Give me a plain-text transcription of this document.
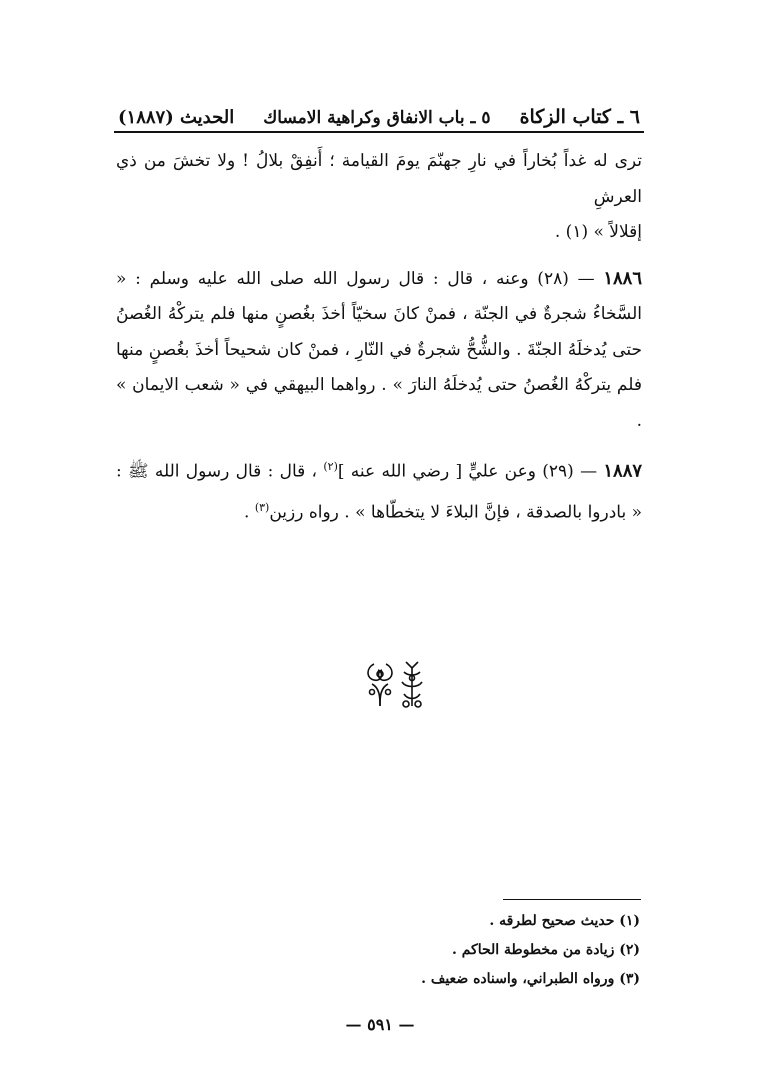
٦ ـ كتاب الزكاة
٥ ـ باب الانفاق وكراهية الامساك
الحديث (١٨٨٧)

ترى له غداً بُخاراً في نارِ جهنّمَ يومَ القيامة ؛ أَنفِقْ بلالُ ! ولا تخشَ من ذي العرشِ

إقلالاً » (١) .

١٨٨٦ — (٢٨) وعنه ، قال : قال رسول الله صلى الله عليه وسلم : « السَّخاءُ شجرةٌ في الجنّة ، فمنْ كانَ سخيّاً أخذَ بغُصنٍ منها فلم يتركْهُ الغُصنُ حتى يُدخلَهُ الجنّةَ . والشُّحُّ شجرةٌ في النّارِ ، فمنْ كان شحيحاً أخذَ بغُصنٍ منها فلم يتركْهُ الغُصنُ حتى يُدخلَهُ النارَ » . رواهما البيهقي في « شعب الايمان » .

١٨٨٧ — (٢٩) وعن عليٍّ [ رضي الله عنه ]$^{(٢)}$ ، قال : قال رسول الله ﷺ : « بادروا بالصدقة ، فإنَّ البلاءَ لا يتخطّاها » . رواه رزين$^{(٣)}$ .

(١) حديث صحيح لطرقه .
(٢) زيادة من مخطوطة الحاكم .
(٣) ورواه الطبراني، واسناده ضعيف .
— ٥٩١ —
